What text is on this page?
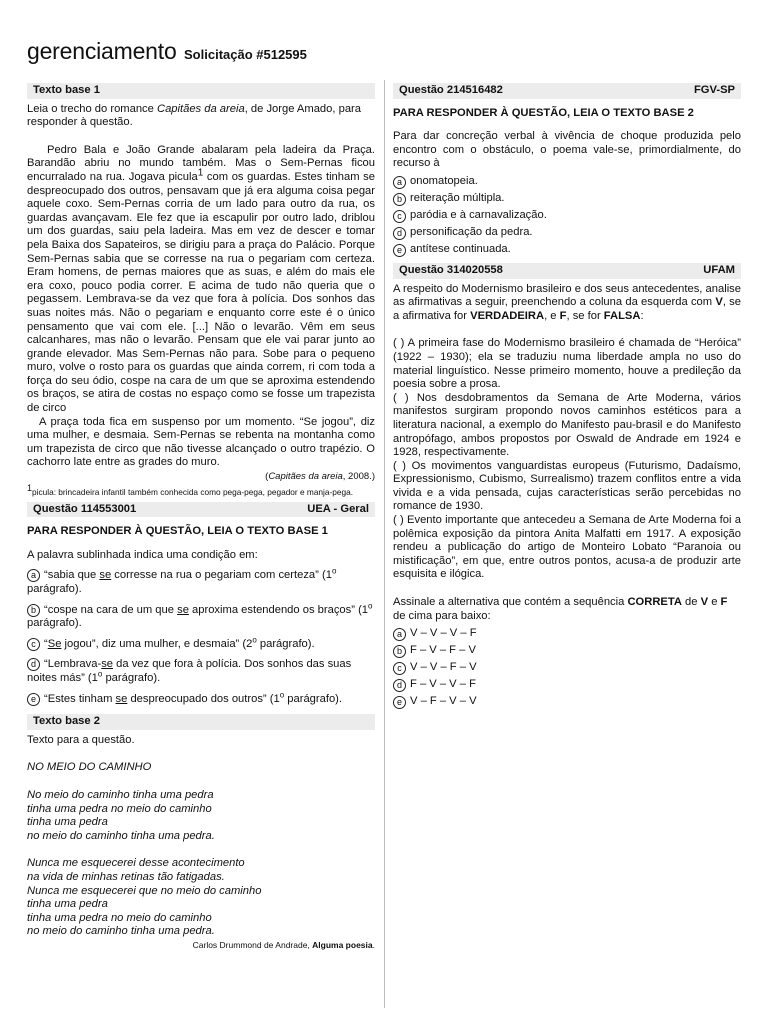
gerenciamento Solicitação #512595
Texto base 1

Leia o trecho do romance Capitães da areia, de Jorge Amado, para responder à questão.

Pedro Bala e João Grande abalaram pela ladeira da Praça. Barandão abriu no mundo também. Mas o Sem-Pernas ficou encurralado na rua. Jogava picula$^1$ com os guardas. Estes tinham se despreocupado dos outros, pensavam que já era alguma coisa pegar aquele coxo. Sem-Pernas corria de um lado para outro da rua, os guardas avançavam. Ele fez que ia escapulir por outro lado, driblou um dos guardas, saiu pela ladeira. Mas em vez de descer e tomar pela Baixa dos Sapateiros, se dirigiu para a praça do Palácio. Porque Sem-Pernas sabia que se corresse na rua o pegariam com certeza. Eram homens, de pernas maiores que as suas, e além do mais ele era coxo, pouco podia correr. E acima de tudo não queria que o pegassem. Lembrava-se da vez que fora à polícia. Dos sonhos das suas noites más. Não o pegariam e enquanto corre este é o único pensamento que vai com ele. [...] Não o levarão. Vêm em seus calcanhares, mas não o levarão. Pensam que ele vai parar junto ao grande elevador. Mas Sem-Pernas não para. Sobe para o pequeno muro, volve o rosto para os guardas que ainda correm, ri com toda a força do seu ódio, cospe na cara de um que se aproxima estendendo os braços, se atira de costas no espaço como se fosse um trapezista de circo

A praça toda fica em suspenso por um momento. “Se jogou”, diz uma mulher, e desmaia. Sem-Pernas se rebenta na montanha como um trapezista de circo que não tivesse alcançado o outro trapézio. O cachorro late entre as grades do muro.

(Capitães da areia, 2008.)

$^1$picula: brincadeira infantil também conhecida como pega-pega, pegador e manja-pega.

Questão 114553001	UEA - Geral

PARA RESPONDER À QUESTÃO, LEIA O TEXTO BASE 1

A palavra sublinhada indica uma condição em:

a “sabia que se corresse na rua o pegariam com certeza” (1$^o$ parágrafo).

b “cospe na cara de um que se aproxima estendendo os braços” (1$^o$ parágrafo).

c “Se jogou”, diz uma mulher, e desmaia” (2$^o$ parágrafo).

d “Lembrava-se da vez que fora à polícia. Dos sonhos das suas noites más” (1$^o$ parágrafo).

e “Estes tinham se despreocupado dos outros” (1$^o$ parágrafo).

Texto base 2

Texto para a questão.

NO MEIO DO CAMINHO

No meio do caminho tinha uma pedra

tinha uma pedra no meio do caminho

tinha uma pedra

no meio do caminho tinha uma pedra.

Nunca me esquecerei desse acontecimento

na vida de minhas retinas tão fatigadas.

Nunca me esquecerei que no meio do caminho

tinha uma pedra

tinha uma pedra no meio do caminho

no meio do caminho tinha uma pedra.

Carlos Drummond de Andrade, Alguma poesia.

Questão 214516482	FGV-SP

PARA RESPONDER À QUESTÃO, LEIA O TEXTO BASE 2

Para dar concreção verbal à vivência de choque produzida pelo encontro com o obstáculo, o poema vale-se, primordialmente, do recurso à

a onomatopeia.
b reiteração múltipla.
c paródia e à carnavalização.
d personificação da pedra.
e antítese continuada.
Questão 314020558	UFAM

A respeito do Modernismo brasileiro e dos seus antecedentes, analise as afirmativas a seguir, preenchendo a coluna da esquerda com V, se a afirmativa for VERDADEIRA, e F, se for FALSA:

( ) A primeira fase do Modernismo brasileiro é chamada de “Heróica” (1922 – 1930); ela se traduziu numa liberdade ampla no uso do material linguístico. Nesse primeiro momento, houve a predileção da poesia sobre a prosa.

( ) Nos desdobramentos da Semana de Arte Moderna, vários manifestos surgiram propondo novos caminhos estéticos para a literatura nacional, a exemplo do Manifesto pau-brasil e do Manifesto antropófago, ambos propostos por Oswald de Andrade em 1924 e 1928, respectivamente.

( ) Os movimentos vanguardistas europeus (Futurismo, Dadaísmo, Expressionismo, Cubismo, Surrealismo) trazem conflitos entre a vida vivida e a vida pensada, cujas características serão percebidas no romance de 1930.

( ) Evento importante que antecedeu a Semana de Arte Moderna foi a polêmica exposição da pintora Anita Malfatti em 1917. A exposição rendeu a publicação do artigo de Monteiro Lobato “Paranoia ou mistificação”, em que, entre outros pontos, acusa-a de produzir arte esquisita e ilógica.

Assinale a alternativa que contém a sequência CORRETA de V e F de cima para baixo:

a V – V – V – F
b F – V – F – V
c V – V – F – V
d F – V – V – F
e V – F – V – V
